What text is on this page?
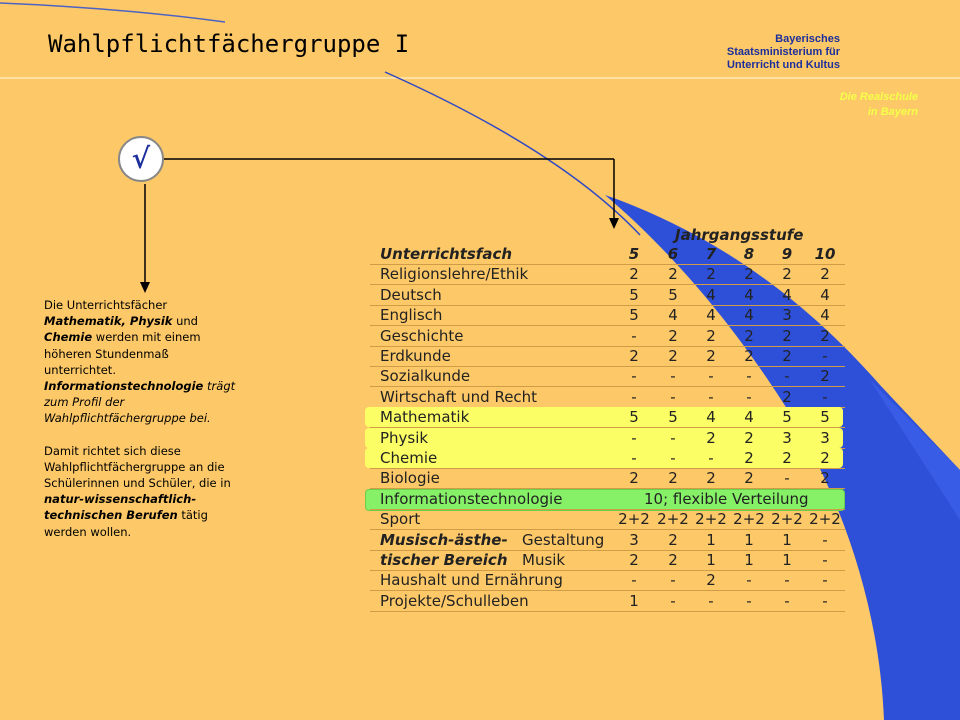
Wahlpflichtfächergruppe I	Bayerisches
Staatsministerium für
Unterricht und Kultus
Die Realschule
in Bayern
√

Die Unterrichtsfächer Mathematik, Physik und Chemie werden mit einem höheren Stundenmaß unterrichtet. Informationstechnologie trägt zum Profil der Wahlpflichtfächergruppe bei.

Damit richtet sich diese Wahlpflichtfächergruppe an die Schülerinnen und Schüler, die in natur-wissenschaftlich-technischen Berufen tätig werden wollen.

Jahrgangsstufe
Unterrichtsfach	5	6	7	8	9	10
Religionslehre/Ethik	2	2	2	2	2	2
Deutsch	5	5	4	4	4	4
Englisch	5	4	4	4	3	4
Geschichte	-	2	2	2	2	2
Erdkunde	2	2	2	2	2	-
Sozialkunde	-	-	-	-	-	2
Wirtschaft und Recht	-	-	-	-	2	-
Mathematik	5	5	4	4	5	5
Physik	-	-	2	2	3	3
Chemie	-	-	-	2	2	2
Biologie	2	2	2	2	-	2
Informationstechnologie	10; flexible Verteilung
Sport	2+2 2+2 2+2 2+2 2+2 2+2
Musisch-ästhe- Gestaltung	3	2	1	1	1	-
tischer Bereich Musik	2	2	1	1	1	-
Haushalt und Ernährung	-	-	2	-	-	-
Projekte/Schulleben	1	-	-	-	-	-
